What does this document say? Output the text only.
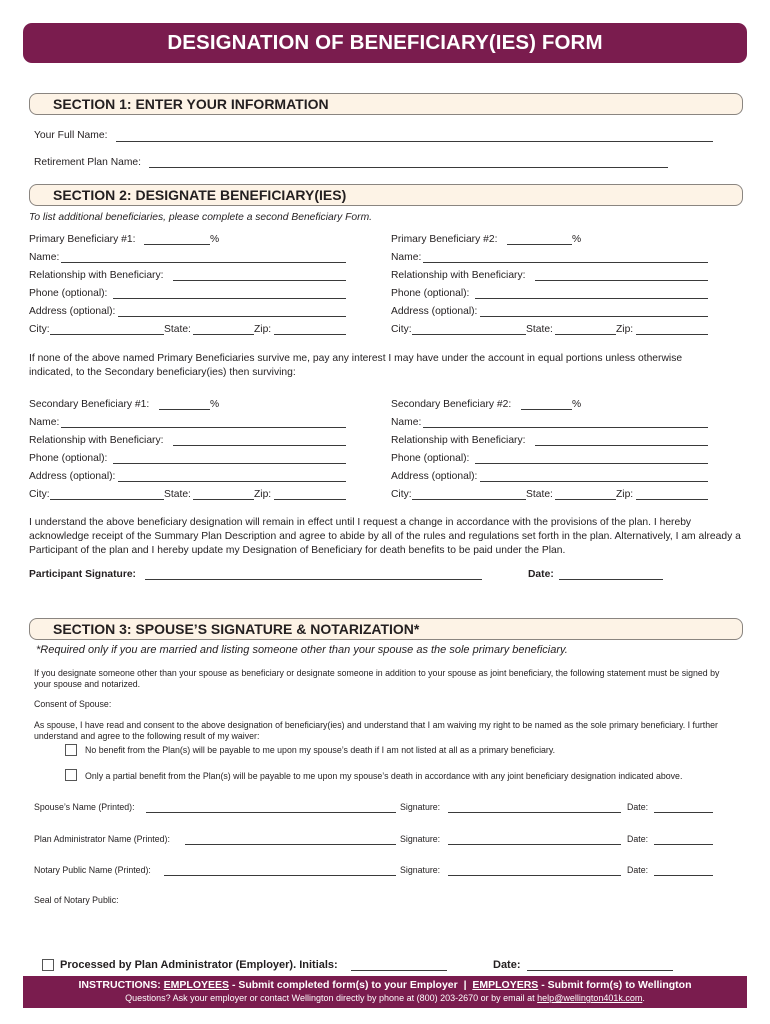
DESIGNATION OF BENEFICIARY(IES) FORM
SECTION 1: ENTER YOUR INFORMATION
Your Full Name:
Retirement Plan Name:
SECTION 2: DESIGNATE BENEFICIARY(IES)
To list additional beneficiaries, please complete a second Beneficiary Form.
Primary Beneficiary #1:	%
Name:
Relationship with Beneficiary:
Phone (optional):
Address (optional):
City:	State:	Zip:
Primary Beneficiary #2:	%
Name:
Relationship with Beneficiary:
Phone (optional):
Address (optional):
City:	State:	Zip:
If none of the above named Primary Beneficiaries survive me, pay any interest I may have under the account in equal portions unless otherwise indicated, to the Secondary beneficiary(ies) then surviving:
Secondary Beneficiary #1:	%
Name:
Relationship with Beneficiary:
Phone (optional):
Address (optional):
City:	State:	Zip:
Secondary Beneficiary #2:	%
Name:
Relationship with Beneficiary:
Phone (optional):
Address (optional):
City:	State:	Zip:
I understand the above beneficiary designation will remain in effect until I request a change in accordance with the provisions of the plan. I hereby acknowledge receipt of the Summary Plan Description and agree to abide by all of the rules and regulations set forth in the plan. Alternatively, I am already a Participant of the plan and I hereby update my Designation of Beneficiary for death benefits to be paid under the Plan.
Participant Signature:	Date:
SECTION 3: SPOUSE’S SIGNATURE & NOTARIZATION*
*Required only if you are married and listing someone other than your spouse as the sole primary beneficiary.
If you designate someone other than your spouse as beneficiary or designate someone in addition to your spouse as joint beneficiary, the following statement must be signed by your spouse and notarized.
Consent of Spouse:
As spouse, I have read and consent to the above designation of beneficiary(ies) and understand that I am waiving my right to be named as the sole primary beneficiary. I further understand and agree to the following result of my waiver:
No benefit from the Plan(s) will be payable to me upon my spouse’s death if I am not listed at all as a primary beneficiary.
Only a partial benefit from the Plan(s) will be payable to me upon my spouse’s death in accordance with any joint beneficiary designation indicated above.
Spouse’s Name (Printed):	Signature:	Date:
Plan Administrator Name (Printed):	Signature:	Date:
Notary Public Name (Printed):	Signature:	Date:
Seal of Notary Public:
Processed by Plan Administrator (Employer). Initials:	Date:
INSTRUCTIONS: EMPLOYEES - Submit completed form(s) to your Employer | EMPLOYERS - Submit form(s) to Wellington
Questions? Ask your employer or contact Wellington directly by phone at (800) 203-2670 or by email at help@wellington401k.com.
